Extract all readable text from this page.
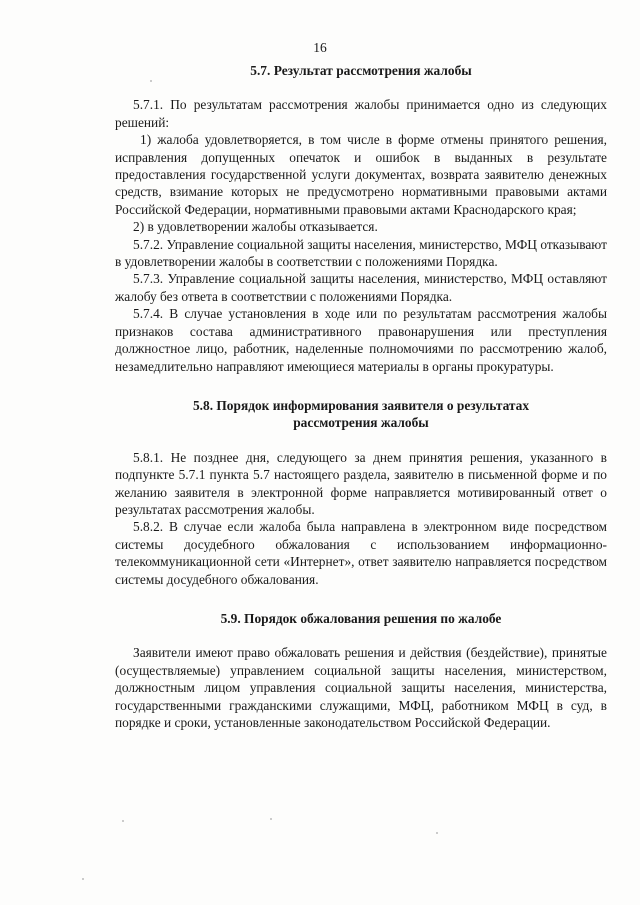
16

5.7. Результат рассмотрения жалобы

5.7.1. По результатам рассмотрения жалобы принимается одно из следующих решений:

1) жалоба удовлетворяется, в том числе в форме отмены принятого решения, исправления допущенных опечаток и ошибок в выданных в результате предоставления государственной услуги документах, возврата заявителю денежных средств, взимание которых не предусмотрено нормативными правовыми актами Российской Федерации, нормативными правовыми актами Краснодарского края;

2) в удовлетворении жалобы отказывается.

5.7.2. Управление социальной защиты населения, министерство, МФЦ отказывают в удовлетворении жалобы в соответствии с положениями Порядка.

5.7.3. Управление социальной защиты населения, министерство, МФЦ оставляют жалобу без ответа в соответствии с положениями Порядка.

5.7.4. В случае установления в ходе или по результатам рассмотрения жалобы признаков состава административного правонарушения или преступления должностное лицо, работник, наделенные полномочиями по рассмотрению жалоб, незамедлительно направляют имеющиеся материалы в органы прокуратуры.

5.8. Порядок информирования заявителя о результатах

рассмотрения жалобы

5.8.1. Не позднее дня, следующего за днем принятия решения, указанного в подпункте 5.7.1 пункта 5.7 настоящего раздела, заявителю в письменной форме и по желанию заявителя в электронной форме направляется мотивированный ответ о результатах рассмотрения жалобы.

5.8.2. В случае если жалоба была направлена в электронном виде посредством системы досудебного обжалования с использованием информационно-телекоммуникационной сети «Интернет», ответ заявителю направляется посредством системы досудебного обжалования.

5.9. Порядок обжалования решения по жалобе

Заявители имеют право обжаловать решения и действия (бездействие), принятые (осуществляемые) управлением социальной защиты населения, министерством, должностным лицом управления социальной защиты населения, министерства, государственными гражданскими служащими, МФЦ, работником МФЦ в суд, в порядке и сроки, установленные законодательством Российской Федерации.
